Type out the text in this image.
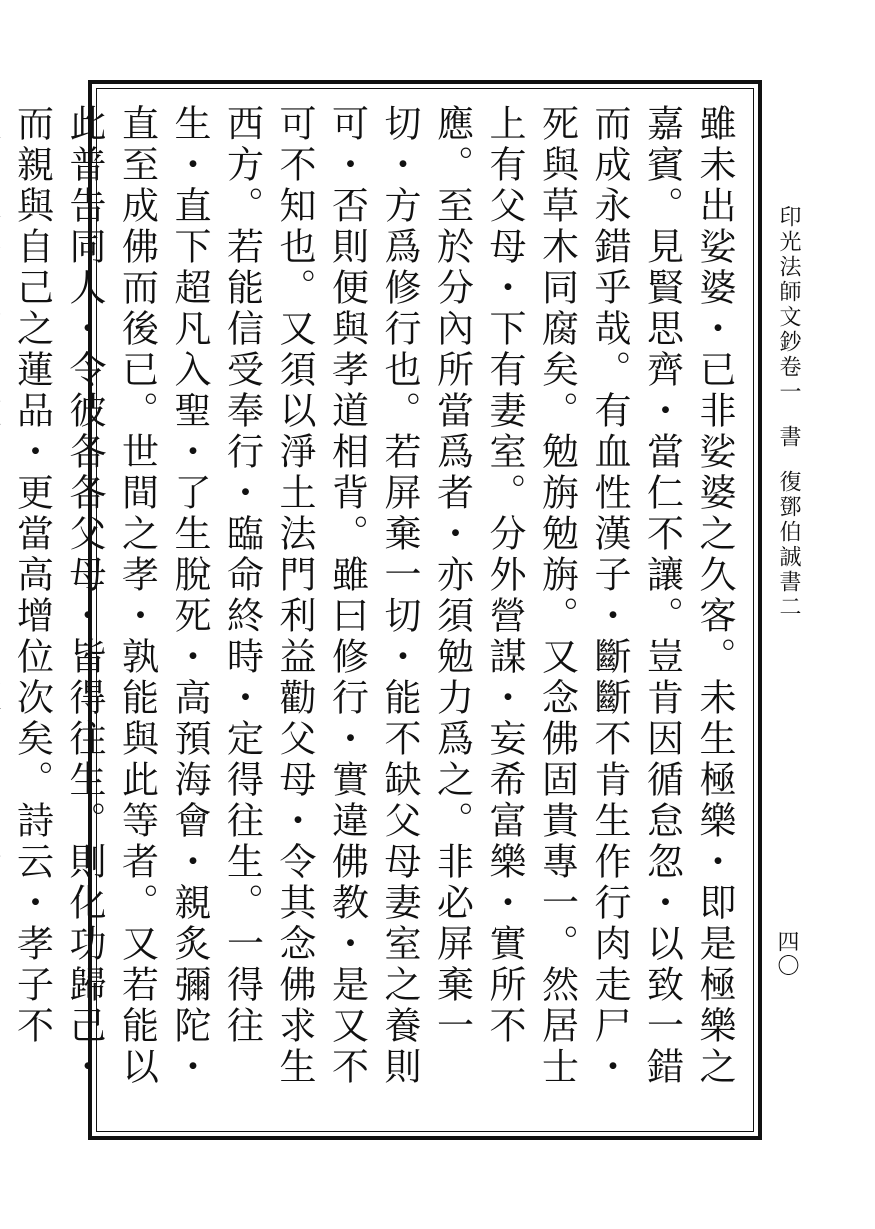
印光法師文鈔卷一書復鄧伯誠書二
四〇
雖未出娑婆・已非娑婆之久客。未生極樂・即是極樂之嘉賓。見賢思齊・當仁不讓。豈肯因循怠忽・以致一錯而成永錯乎哉。有血性漢子・斷斷不肯生作行肉走尸・死與草木同腐矣。勉旃勉旃。又念佛固貴專一。然居士上有父母・下有妻室。分外營謀・妄希富樂・實所不應。至於分內所當爲者・亦須勉力爲之。非必屏棄一切・方爲修行也。若屏棄一切・能不缺父母妻室之養則可・否則便與孝道相背。雖曰修行・實違佛教・是又不可不知也。又須以淨土法門利益勸父母・令其念佛求生西方。若能信受奉行・臨命終時・定得往生。一得往生・直下超凡入聖・了生脫死・高預海會・親炙彌陀・直至成佛而後已。世間之孝・孰能與此等者。又若能以此普告同人・令彼各各父母・皆得往生。則化功歸己・而親與自己之蓮品・更當高增位次矣。詩云・孝子不
